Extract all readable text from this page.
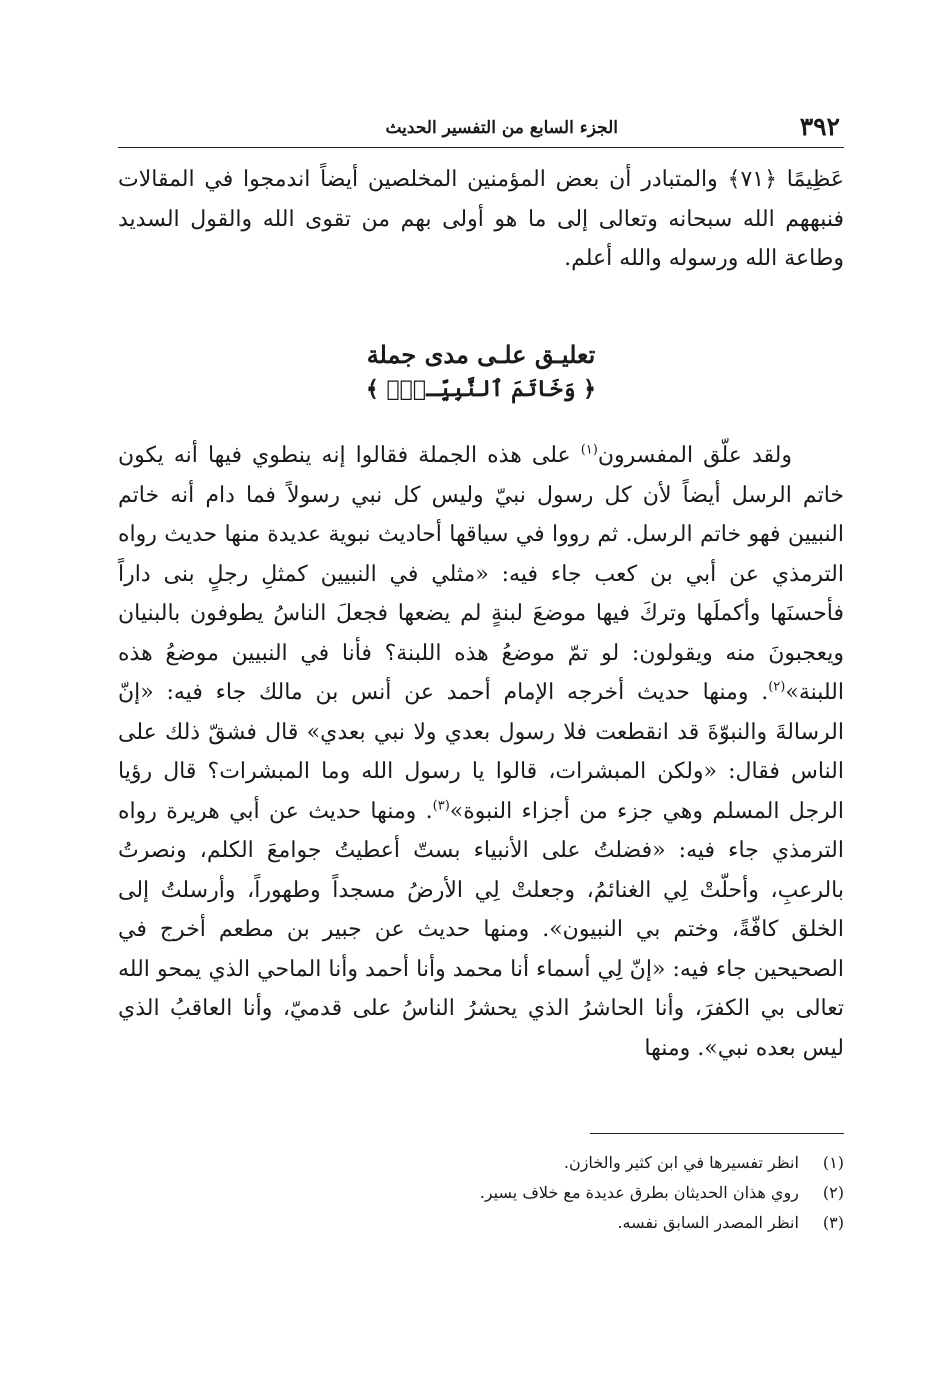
٣٩٢
الجزء السابع من التفسير الحديث

عَظِيمًا ﴿٧١﴾ والمتبادر أن بعض المؤمنين المخلصين أيضاً اندمجوا في المقالات فنبههم الله سبحانه وتعالى إلى ما هو أولى بهم من تقوى الله والقول السديد وطاعة الله ورسوله والله أعلم.

تعليـق علـى مدى جملة
﴿ وَخَاتَمَ ٱلنَّبِيِّـنَۗ ﴾

ولقد علّق المفسرون$^{(١)}$ على هذه الجملة فقالوا إنه ينطوي فيها أنه يكون خاتم الرسل أيضاً لأن كل رسول نبيّ وليس كل نبي رسولاً فما دام أنه خاتم النبيين فهو خاتم الرسل. ثم رووا في سياقها أحاديث نبوية عديدة منها حديث رواه الترمذي عن أبي بن كعب جاء فيه: «مثلي في النبيين كمثلِ رجلٍ بنى داراً فأحسنَها وأكملَها وتركَ فيها موضعَ لبنةٍ لم يضعها فجعلَ الناسُ يطوفون بالبنيان ويعجبونَ منه ويقولون: لو تمّ موضعُ هذه اللبنة؟ فأنا في النبيين موضعُ هذه اللبنة»$^{(٢)}$. ومنها حديث أخرجه الإمام أحمد عن أنس بن مالك جاء فيه: «إنّ الرسالةَ والنبوّةَ قد انقطعت فلا رسول بعدي ولا نبي بعدي» قال فشقّ ذلك على الناس فقال: «ولكن المبشرات، قالوا يا رسول الله وما المبشرات؟ قال رؤيا الرجل المسلم وهي جزء من أجزاء النبوة»$^{(٣)}$. ومنها حديث عن أبي هريرة رواه الترمذي جاء فيه: «فضلتُ على الأنبياء بستّ أعطيتُ جوامعَ الكلم، ونصرتُ بالرعبِ، وأحلّتْ لِي الغنائمُ، وجعلتْ لِي الأرضُ مسجداً وطهوراً، وأرسلتُ إلى الخلق كافّةً، وختم بي النبيون». ومنها حديث عن جبير بن مطعم أخرج في الصحيحين جاء فيه: «إنّ لِي أسماء أنا محمد وأنا أحمد وأنا الماحي الذي يمحو الله تعالى بي الكفرَ، وأنا الحاشرُ الذي يحشرُ الناسُ على قدميّ، وأنا العاقبُ الذي ليس بعده نبي». ومنها

(١) انظر تفسيرها في ابن كثير والخازن.
(٢) روي هذان الحديثان بطرق عديدة مع خلاف يسير.
(٣) انظر المصدر السابق نفسه.
